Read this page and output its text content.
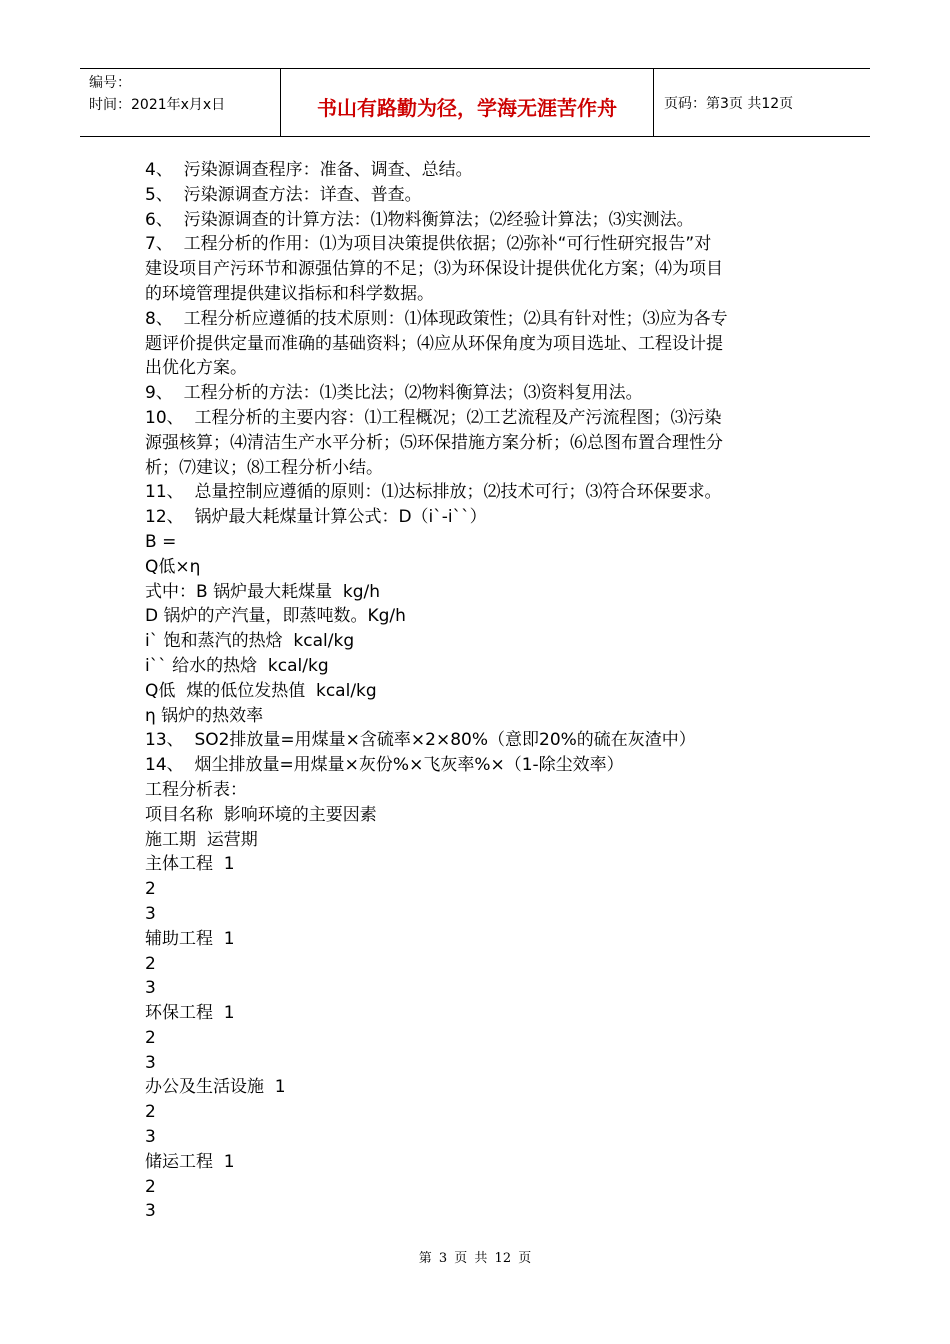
编号：
时间：2021年x月x日	书山有路勤为径，学海无涯苦作舟	页码：第3页 共12页

4、  污染源调查程序：准备、调查、总结。

5、  污染源调查方法：详查、普查。

6、  污染源调查的计算方法：⑴物料衡算法；⑵经验计算法；⑶实测法。

7、  工程分析的作用：⑴为项目决策提供依据；⑵弥补“可行性研究报告”对

建设项目产污环节和源强估算的不足；⑶为环保设计提供优化方案；⑷为项目

的环境管理提供建议指标和科学数据。

8、  工程分析应遵循的技术原则：⑴体现政策性；⑵具有针对性；⑶应为各专

题评价提供定量而准确的基础资料；⑷应从环保角度为项目选址、工程设计提

出优化方案。

9、  工程分析的方法：⑴类比法；⑵物料衡算法；⑶资料复用法。

10、  工程分析的主要内容：⑴工程概况；⑵工艺流程及产污流程图；⑶污染

源强核算；⑷清洁生产水平分析；⑸环保措施方案分析；⑹总图布置合理性分

析；⑺建议；⑻工程分析小结。

11、  总量控制应遵循的原则：⑴达标排放；⑵技术可行；⑶符合环保要求。

12、  锅炉最大耗煤量计算公式：D（i`-i``）

B =

Q低×η

式中：B 锅炉最大耗煤量  kg/h

D 锅炉的产汽量，即蒸吨数。Kg/h

i` 饱和蒸汽的热焓  kcal/kg

i`` 给水的热焓  kcal/kg

Q低  煤的低位发热值  kcal/kg

η 锅炉的热效率

13、  SO2排放量=用煤量×含硫率×2×80%（意即20%的硫在灰渣中）

14、  烟尘排放量=用煤量×灰份%×飞灰率%×（1-除尘效率）

工程分析表：

项目名称  影响环境的主要因素

施工期  运营期

主体工程  1

2

3

辅助工程  1

2

3

环保工程  1

2

3

办公及生活设施  1

2

3

储运工程  1

2

3

第 3 页 共 12 页
